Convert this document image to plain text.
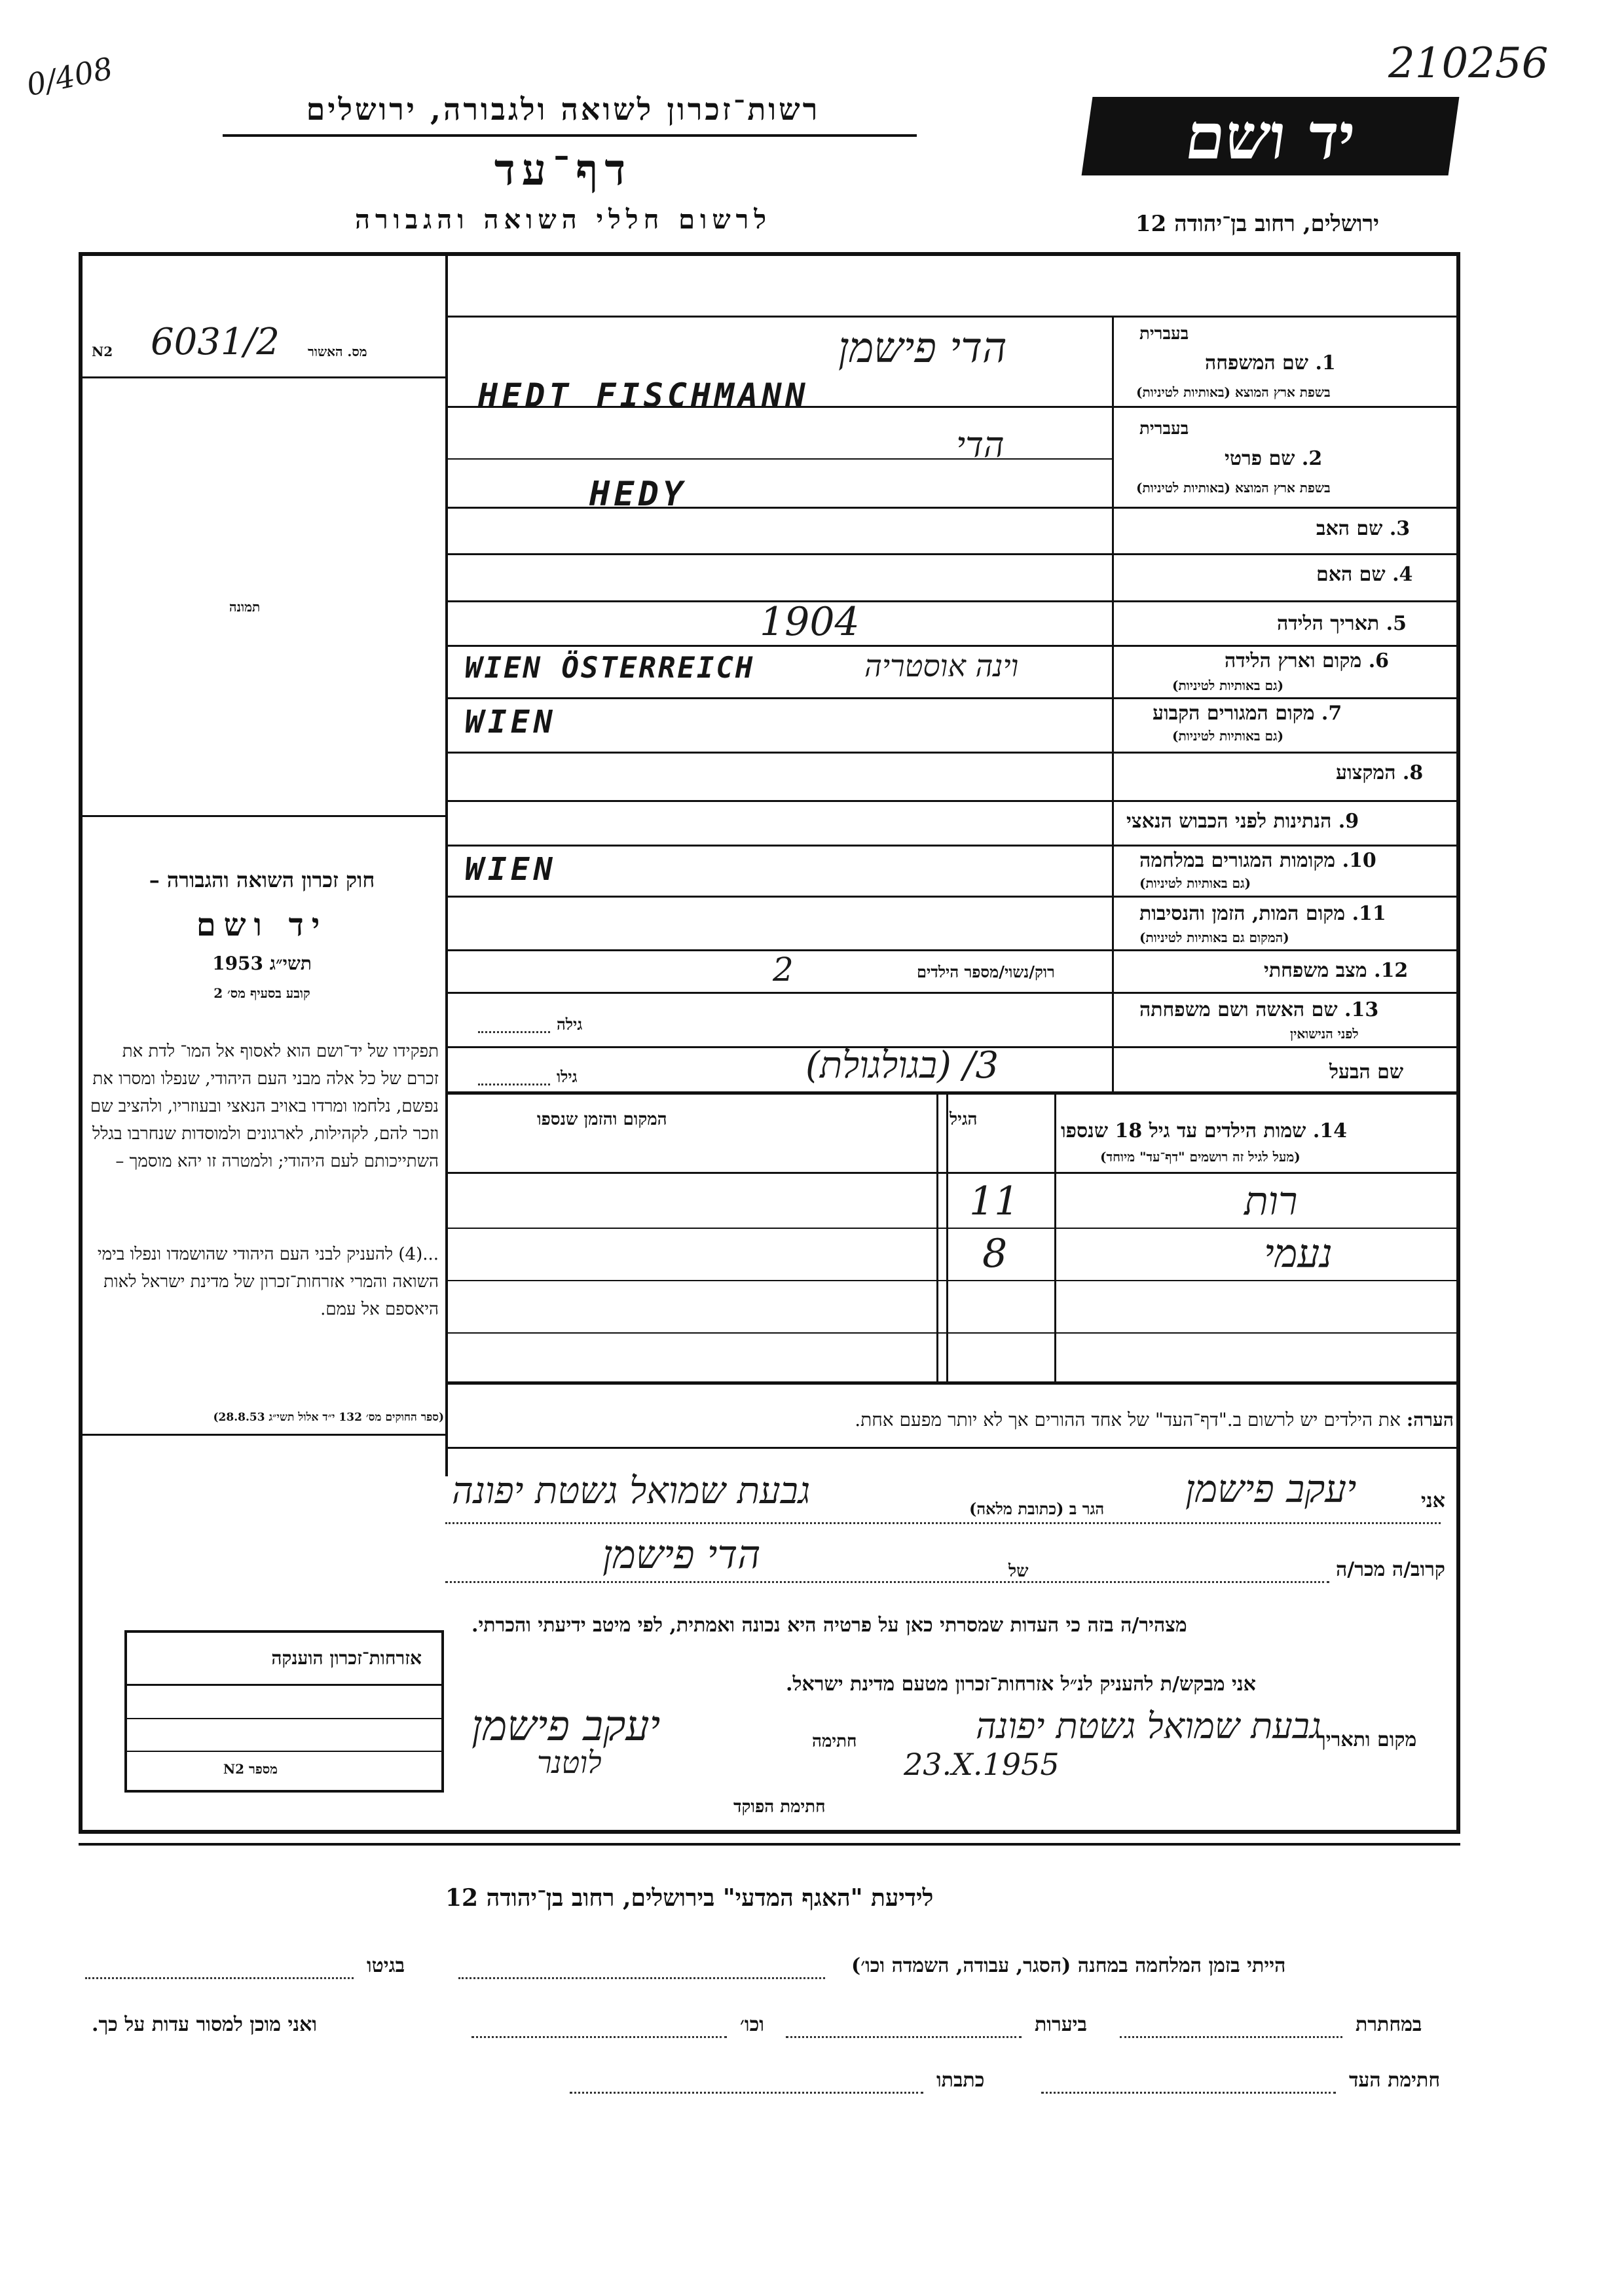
0/408	210256
רשות־זכרון לשואה ולגבורה, ירושלים
דף־עד
לרשום חללי השואה והגבורה
יד ושם
ירושלים, רחוב בן־יהודה 12
6031/2 מס. האשור
N2
תמונה
חוק זכרון השואה והגבורה –
יד ושם
תשי״ג 1953
קובע בסעיף מס׳ 2
תפקידו של יד־ושם הוא לאסוף אל המו־ לדת את זכרם של כל אלה מבני העם היהודי, שנפלו ומסרו את נפשם, נלחמו ומרדו באויב הנאצי ובעוזריו, ולהציב שם וזכר להם, לקהילות, לארגונים ולמוסדות שנחרבו בגלל השתייכותם לעם היהודי; ולמטרה זו יהא מוסמך –
...(4) להעניק לבני העם היהודי שהושמדו ונפלו בימי השואה והמרי אזרחות־זכרון של מדינת ישראל לאות היאספם אל עמם.
(ספר החוקים מס׳ 132 י״ד אלול תשי״ג 28.8.53)
בעברית
1. שם המשפחה
בשפת ארץ המוצא (באותיות לטיניות)
בעברית
2. שם פרטי
בשפת ארץ המוצא (באותיות לטיניות)
3. שם האב
4. שם האם
5. תאריך הלידה
6. מקום וארץ הלידה
(גם באותיות לטיניות)
7. מקום המגורים הקבוע
(גם באותיות לטיניות)
8. המקצוע
9. הנתינות לפני הכבוש הנאצי
10. מקומות המגורים במלחמה
(גם באותיות לטיניות)
11. מקום המות, הזמן והנסיבות
(המקום גם באותיות לטיניות)
12. מצב משפחתי
רוק/נשוי/מספר הילדים
13. שם האשה ושם משפחתה
לפני הנישואין
גילה
שם הבעל
גילו
14. שמות הילדים עד גיל 18 שנספו
(מעל לגיל זה רושמים "דף־עד" מיוחד)
הגיל
המקום והזמן שנספו
הערה: את הילדים יש לרשום ב."דף־העד" של אחד ההורים אך לא יותר מפעם אחת.
הדי פישמן
HEDT FISCHMANN
הדי
HEDY
1904
WIEN ÖSTERREICH	וינה אוסטריה
WIEN
WIEN
2
3/ (בגולגולת)
רות
11
נעמי
8
אזרחות־זכרון הוענקה
מספר N2
אני
יעקב פישמן
הגר ב (כתובת מלאה)
גבעת שמואל גשטת יפונה
קרוב/ה מכר/ה
של
הדי פישמן
מצהיר/ה בזה כי העדות שמסרתי כאן על פרטיה היא נכונה ואמתית, לפי מיטב ידיעתי והכרתי.
אני מבקש/ת להעניק לנ״ל אזרחות־זכרון מטעם מדינת ישראל.
מקום ותאריך
גבעת שמואל גשטת יפונה
23.X.1955
חתימה
יעקב פישמן
לוטנר
חתימת הפוקד
לידיעת "האגף המדעי" בירושלים, רחוב בן־יהודה 12
הייתי בזמן המלחמה במחנה (הסגר, עבודה, השמדה וכו׳)
בגיטו
במחתרת
ביערות
וכו׳
ואני מוכן למסור עדות על כך.
חתימת העד
כתבתו
